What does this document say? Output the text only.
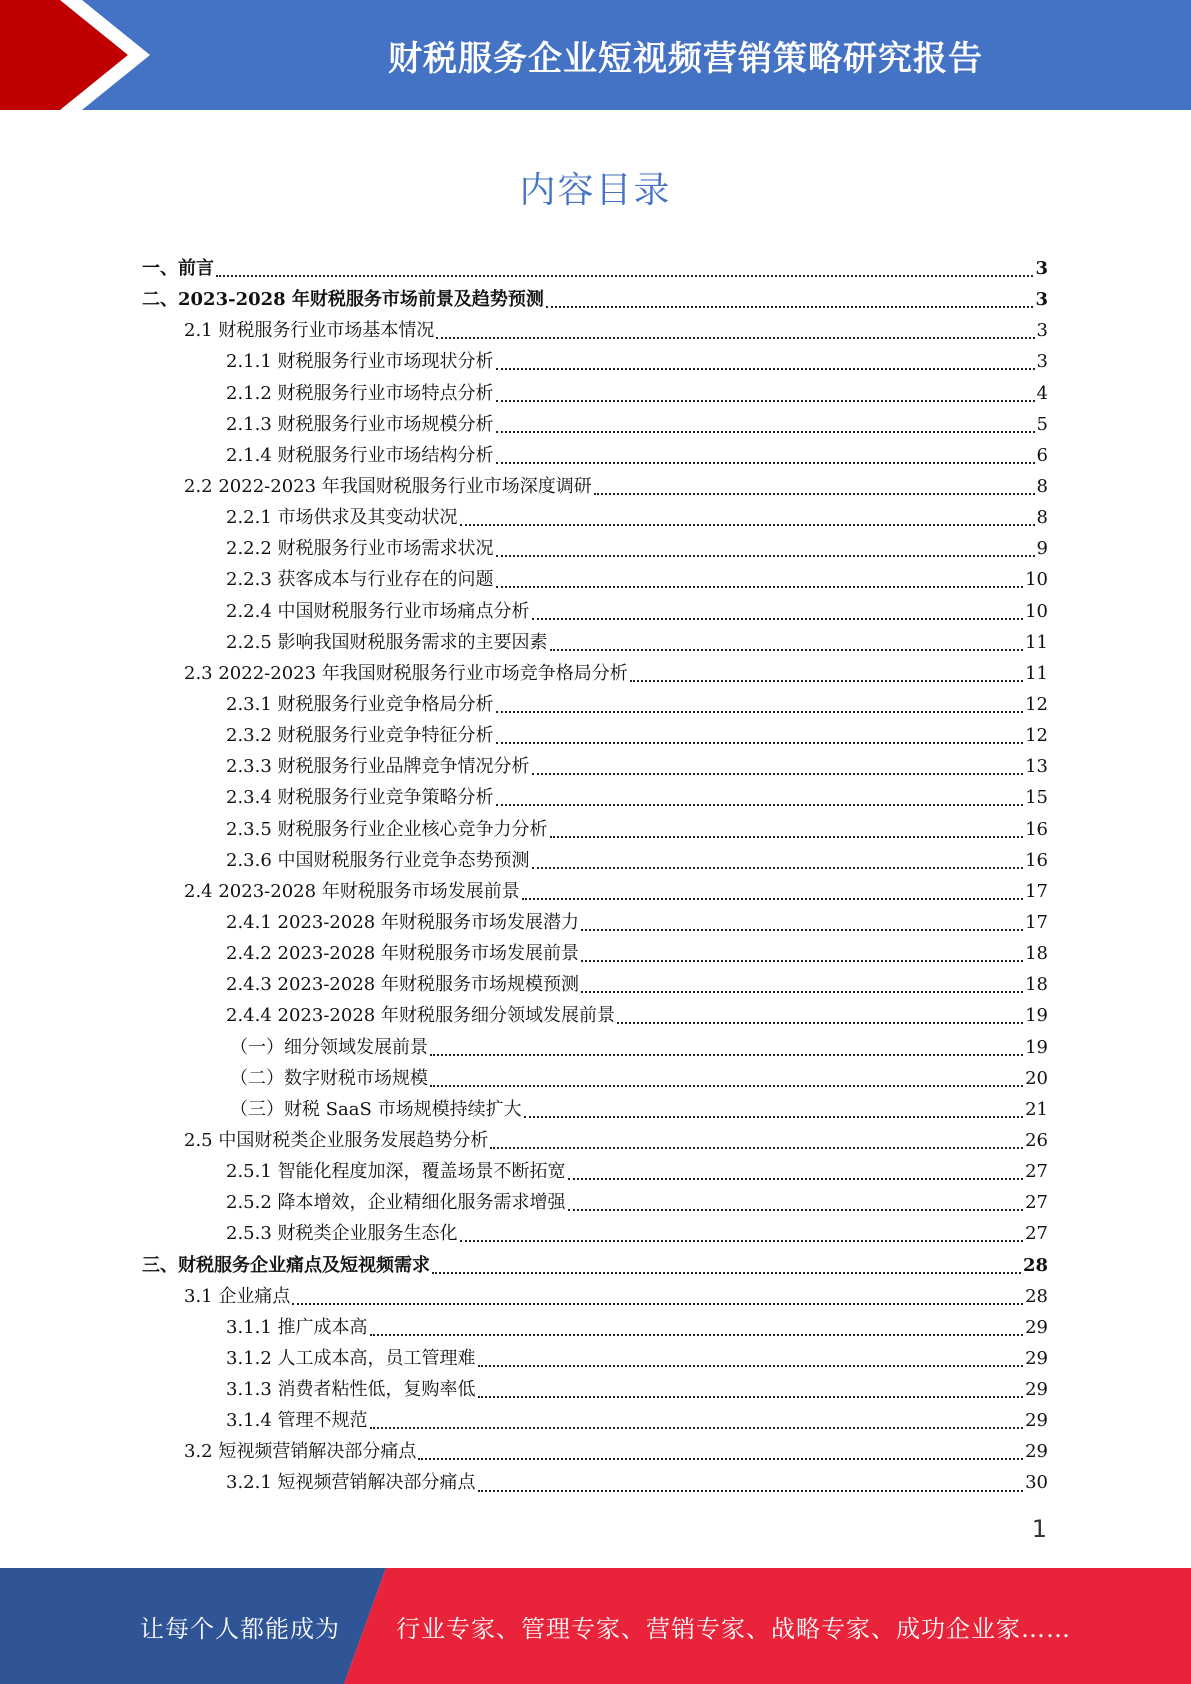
财税服务企业短视频营销策略研究报告
内容目录
一、前言	3
二、2023-2028 年财税服务市场前景及趋势预测	3
2.1 财税服务行业市场基本情况	3
2.1.1 财税服务行业市场现状分析	3
2.1.2 财税服务行业市场特点分析	4
2.1.3 财税服务行业市场规模分析	5
2.1.4 财税服务行业市场结构分析	6
2.2 2022-2023 年我国财税服务行业市场深度调研	8
2.2.1 市场供求及其变动状况	8
2.2.2 财税服务行业市场需求状况	9
2.2.3 获客成本与行业存在的问题	10
2.2.4 中国财税服务行业市场痛点分析	10
2.2.5 影响我国财税服务需求的主要因素	11
2.3 2022-2023 年我国财税服务行业市场竞争格局分析	11
2.3.1 财税服务行业竞争格局分析	12
2.3.2 财税服务行业竞争特征分析	12
2.3.3 财税服务行业品牌竞争情况分析	13
2.3.4 财税服务行业竞争策略分析	15
2.3.5 财税服务行业企业核心竞争力分析	16
2.3.6 中国财税服务行业竞争态势预测	16
2.4 2023-2028 年财税服务市场发展前景	17
2.4.1 2023-2028 年财税服务市场发展潜力	17
2.4.2 2023-2028 年财税服务市场发展前景	18
2.4.3 2023-2028 年财税服务市场规模预测	18
2.4.4 2023-2028 年财税服务细分领域发展前景	19
（一）细分领域发展前景	19
（二）数字财税市场规模	20
（三）财税 SaaS 市场规模持续扩大	21
2.5 中国财税类企业服务发展趋势分析	26
2.5.1 智能化程度加深，覆盖场景不断拓宽	27
2.5.2 降本增效，企业精细化服务需求增强	27
2.5.3 财税类企业服务生态化	27
三、财税服务企业痛点及短视频需求	28
3.1 企业痛点	28
3.1.1 推广成本高	29
3.1.2 人工成本高，员工管理难	29
3.1.3 消费者粘性低，复购率低	29
3.1.4 管理不规范	29
3.2 短视频营销解决部分痛点	29
3.2.1 短视频营销解决部分痛点	30
1
让每个人都能成为 行业专家、管理专家、营销专家、战略专家、成功企业家……
